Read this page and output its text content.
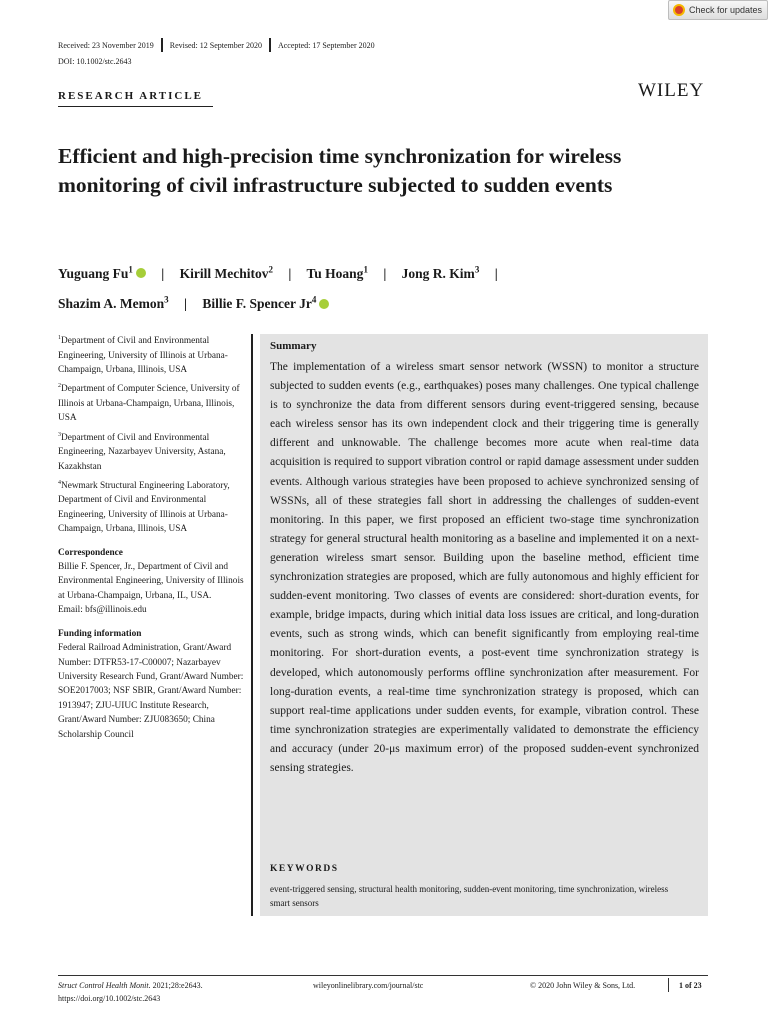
Check for updates
Received: 23 November 2019 Revised: 12 September 2020 Accepted: 17 September 2020
DOI: 10.1002/stc.2643
RESEARCH ARTICLE	WILEY
Efficient and high-precision time synchronization for wireless monitoring of civil infrastructure subjected to sudden events
Yuguang Fu$^1$ | Kirill Mechitov$^2$ | Tu Hoang$^1$ | Jong R. Kim$^3$ |
Shazim A. Memon$^3$ | Billie F. Spencer Jr$^4$
$^1$Department of Civil and Environmental Engineering, University of Illinois at Urbana-Champaign, Urbana, Illinois, USA
$^2$Department of Computer Science, University of Illinois at Urbana-Champaign, Urbana, Illinois, USA
$^3$Department of Civil and Environmental Engineering, Nazarbayev University, Astana, Kazakhstan
$^4$Newmark Structural Engineering Laboratory, Department of Civil and Environmental Engineering, University of Illinois at Urbana-Champaign, Urbana, Illinois, USA
Correspondence
Billie F. Spencer, Jr., Department of Civil and Environmental Engineering, University of Illinois at Urbana-Champaign, Urbana, IL, USA.
Email: bfs@illinois.edu
Funding information
Federal Railroad Administration, Grant/Award Number: DTFR53-17-C00007; Nazarbayev University Research Fund, Grant/Award Number: SOE2017003; NSF SBIR, Grant/Award Number: 1913947; ZJU-UIUC Institute Research, Grant/Award Number: ZJU083650; China Scholarship Council
Summary
The implementation of a wireless smart sensor network (WSSN) to monitor a structure subjected to sudden events (e.g., earthquakes) poses many challenges. One typical challenge is to synchronize the data from different sensors during event-triggered sensing, because each wireless sensor has its own independent clock and their triggering time is generally different and unknowable. The challenge becomes more acute when real-time data acquisition is required to support vibration control or rapid damage assessment under sudden events. Although various strategies have been proposed to achieve synchronized sensing of WSSNs, all of these strategies fall short in addressing the challenges of sudden-event monitoring. In this paper, we first proposed an efficient two-stage time synchronization strategy for general structural health monitoring as a baseline and implemented it on a next-generation wireless smart sensor. Building upon the baseline method, efficient time synchronization strategies are proposed, which are fully autonomous and highly efficient for sudden-event monitoring. Two classes of events are considered: short-duration events, for example, bridge impacts, during which initial data loss issues are critical, and long-duration events, such as strong winds, which can benefit significantly from employing real-time monitoring. For short-duration events, a post-event time synchronization strategy is developed, which autonomously performs offline synchronization after measurement. For long-duration events, a real-time time synchronization strategy is proposed, which can support real-time applications under sudden events, for example, vibration control. These time synchronization strategies are experimentally validated to demonstrate the efficiency and accuracy (under 20-μs maximum error) of the proposed sudden-event synchronized sensing strategies.
KEYWORDS
event-triggered sensing, structural health monitoring, sudden-event monitoring, time synchronization, wireless smart sensors
Struct Control Health Monit. 2021;28:e2643.
https://doi.org/10.1002/stc.2643
wileyonlinelibrary.com/journal/stc	© 2020 John Wiley & Sons, Ltd.	1 of 23
